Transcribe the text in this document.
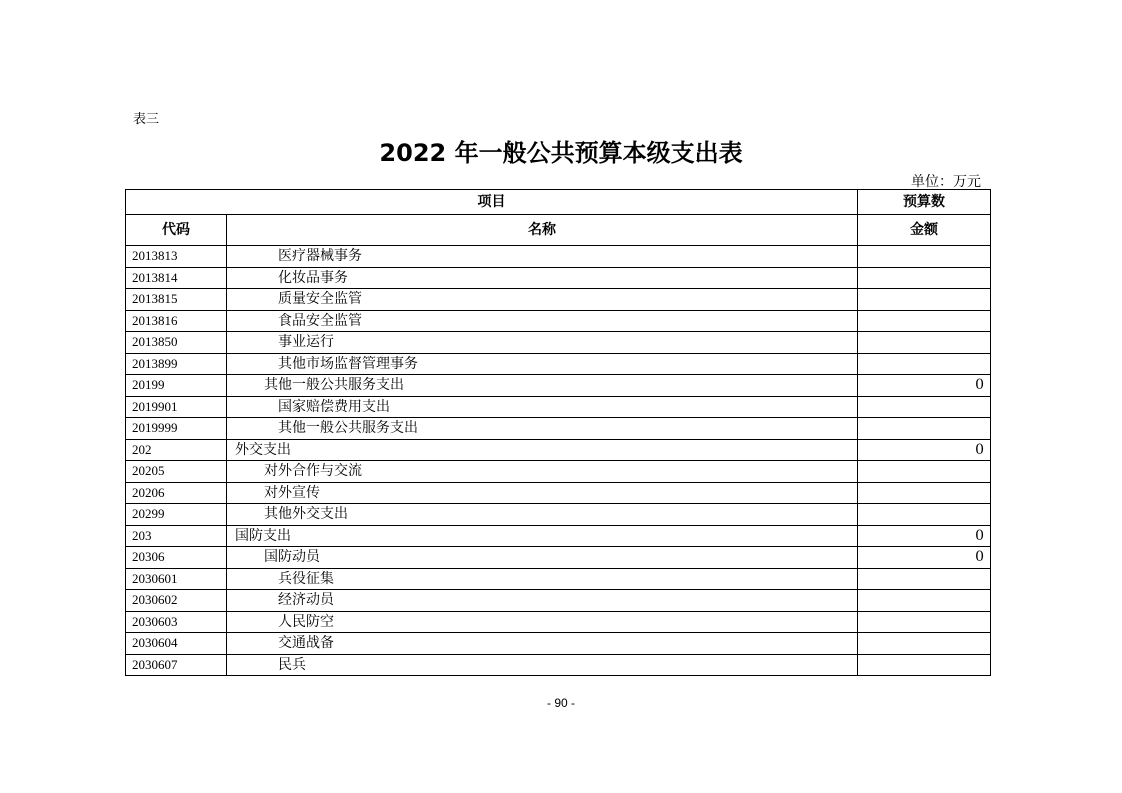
表三
2022 年一般公共预算本级支出表
单位：万元
项目		预算数
代码	名称	金额
2013813	医疗器械事务	
2013814	化妆品事务	
2013815	质量安全监管	
2013816	食品安全监管	
2013850	事业运行	
2013899	其他市场监督管理事务	
20199	其他一般公共服务支出	0
2019901	国家赔偿费用支出	
2019999	其他一般公共服务支出	
202	外交支出	0
20205	对外合作与交流	
20206	对外宣传	
20299	其他外交支出	
203	国防支出	0
20306	国防动员	0
2030601	兵役征集	
2030602	经济动员	
2030603	人民防空	
2030604	交通战备	
2030607	民兵	
- 90 -
